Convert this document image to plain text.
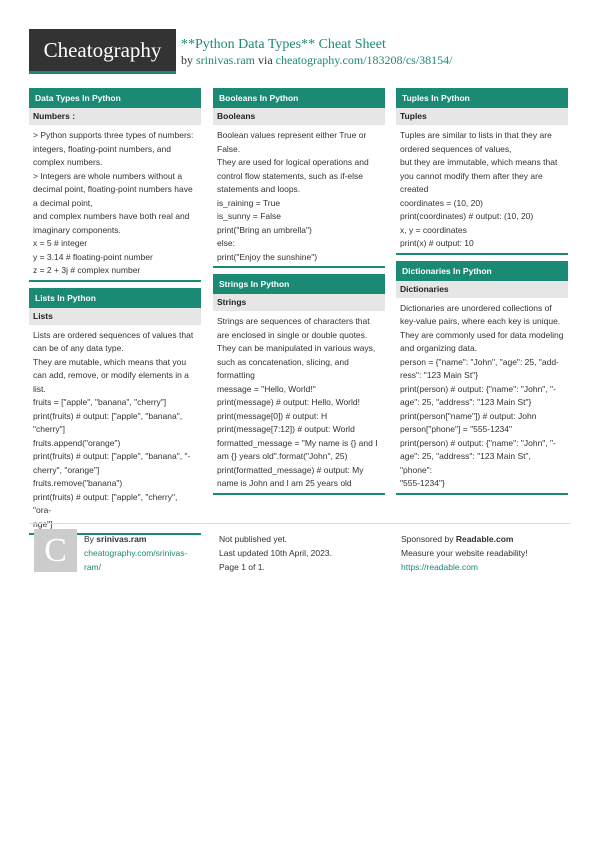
Cheatography	**Python Data Types** Cheat Sheet
by srinivas.ram via cheatography.com/183208/cs/38154/
Data Types In Python
Numbers :
> Python supports three types of numbers:
integers, floating-point numbers, and
complex numbers.
> Integers are whole numbers without a
decimal point, floating-point numbers have
a decimal point,
and complex numbers have both real and
imaginary components.
x = 5 # integer
y = 3.14 # floating-point number
z = 2 + 3j # complex number
Lists In Python
Lists
Lists are ordered sequences of values that
can be of any data type.
They are mutable, which means that you
can add, remove, or modify elements in a
list.
fruits = ["apple", "banana", "cherry"]
print(fruits) # output: ["apple", "banana",
"cherry"]
fruits.append("orange")
print(fruits) # output: ["apple", "banana", "-
cherry", "orange"]
fruits.remove("banana")
print(fruits) # output: ["apple", "cherry", "ora-
nge"]
Booleans In Python
Booleans
Boolean values represent either True or
False.
They are used for logical operations and
control flow statements, such as if-else
statements and loops.
is_raining = True
is_sunny = False
print("Bring an umbrella")
else:
print("Enjoy the sunshine")
Strings In Python
Strings
Strings are sequences of characters that
are enclosed in single or double quotes.
They can be manipulated in various ways,
such as concatenation, slicing, and
formatting
message = "Hello, World!"
print(message) # output: Hello, World!
print(message[0]) # output: H
print(message[7:12]) # output: World
formatted_message = "My name is {} and I
am {} years old".format("John", 25)
print(formatted_message) # output: My
name is John and I am 25 years old
Tuples In Python
Tuples
Tuples are similar to lists in that they are
ordered sequences of values,
but they are immutable, which means that
you cannot modify them after they are
created
coordinates = (10, 20)
print(coordinates) # output: (10, 20)
x, y = coordinates
print(x) # output: 10
Dictionaries In Python
Dictionaries
Dictionaries are unordered collections of
key-value pairs, where each key is unique.
They are commonly used for data modeling
and organizing data.
person = {"name": "John", "age": 25, "add-
ress": "123 Main St"}
print(person) # output: {"name": "John", "-
age": 25, "address": "123 Main St"}
print(person["name"]) # output: John
person["phone"] = "555-1234"
print(person) # output: {"name": "John", "-
age": 25, "address": "123 Main St", "phone":
"555-1234"}
C By srinivas.ram
cheatography.com/srinivas-
ram/
Not published yet.
Last updated 10th April, 2023.
Page 1 of 1.
Sponsored by Readable.com
Measure your website readability!
https://readable.com
